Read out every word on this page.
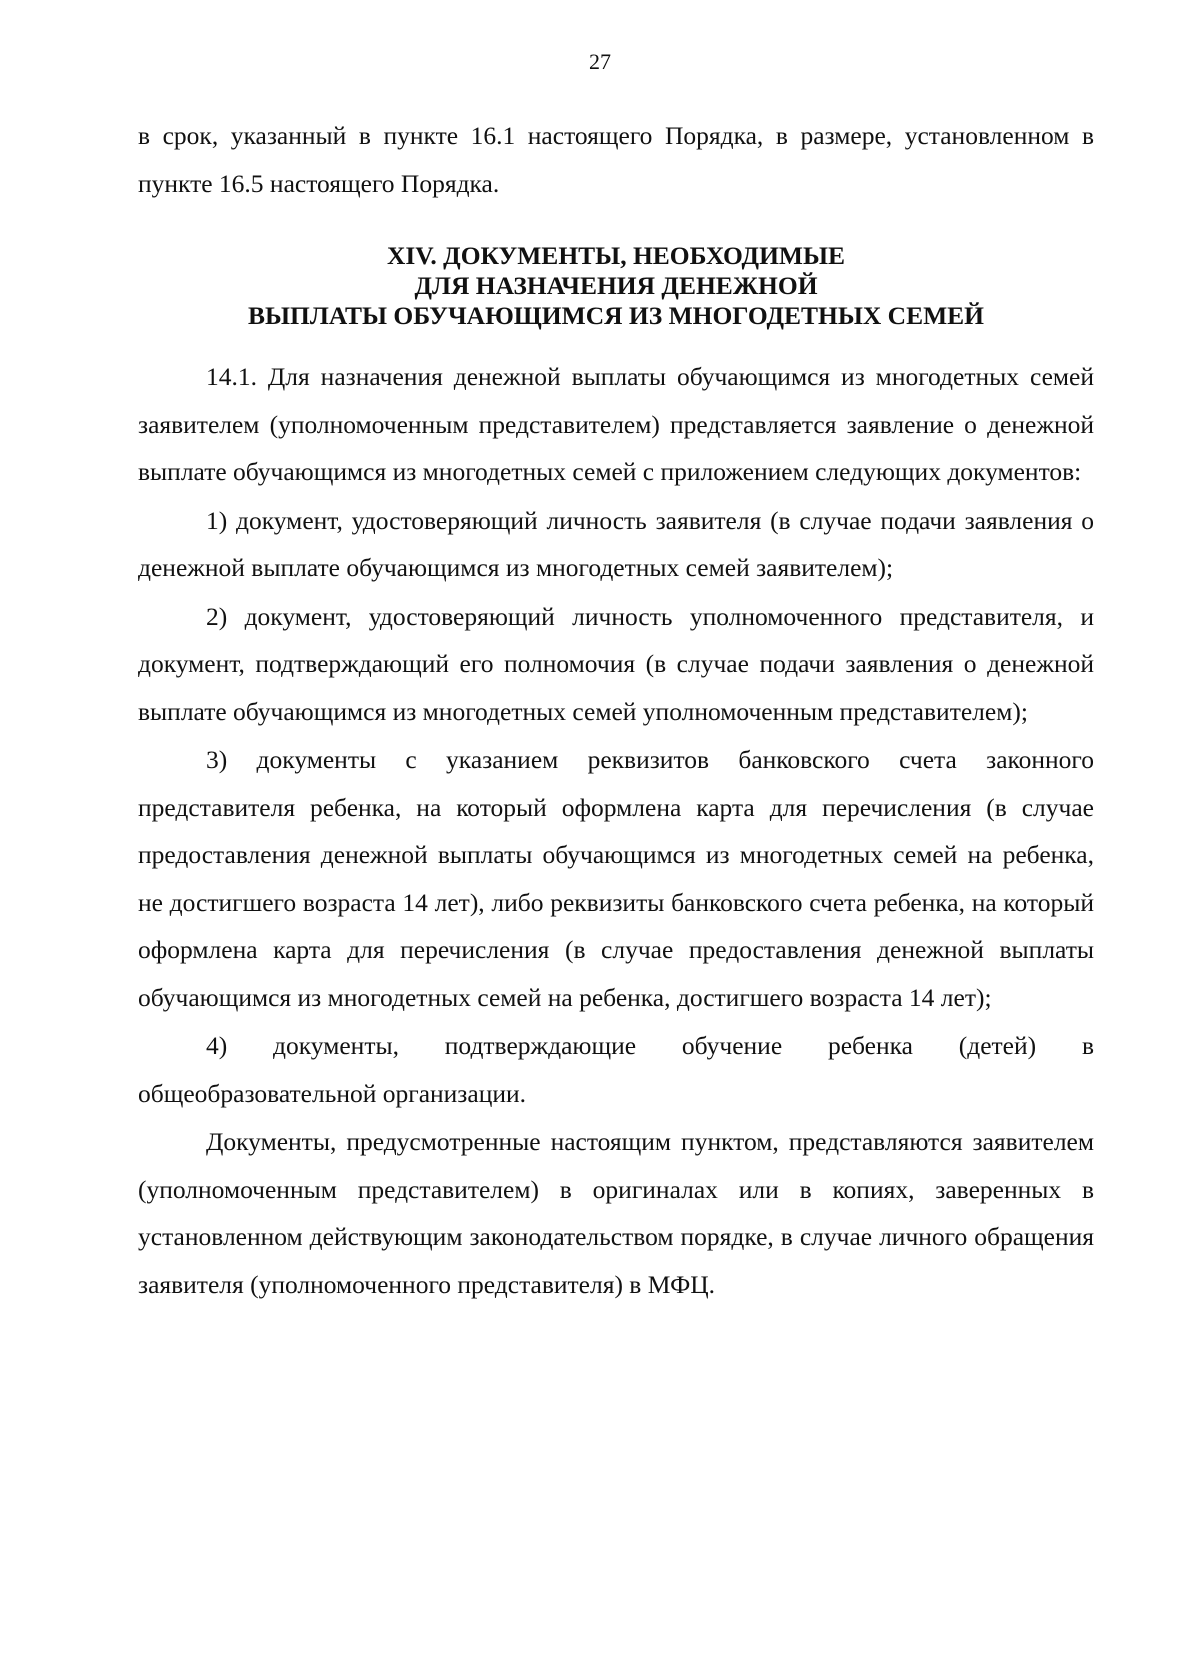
27

в срок, указанный в пункте 16.1 настоящего Порядка, в размере, установленном в пункте 16.5 настоящего Порядка.

XIV. ДОКУМЕНТЫ, НЕОБХОДИМЫЕ
ДЛЯ НАЗНАЧЕНИЯ ДЕНЕЖНОЙ
ВЫПЛАТЫ ОБУЧАЮЩИМСЯ ИЗ МНОГОДЕТНЫХ СЕМЕЙ

14.1. Для назначения денежной выплаты обучающимся из многодетных семей заявителем (уполномоченным представителем) представляется заявление о денежной выплате обучающимся из многодетных семей с приложением следующих документов:

1) документ, удостоверяющий личность заявителя (в случае подачи заявления о денежной выплате обучающимся из многодетных семей заявителем);

2) документ, удостоверяющий личность уполномоченного представителя, и документ, подтверждающий его полномочия (в случае подачи заявления о денежной выплате обучающимся из многодетных семей уполномоченным представителем);

3) документы с указанием реквизитов банковского счета законного представителя ребенка, на который оформлена карта для перечисления (в случае предоставления денежной выплаты обучающимся из многодетных семей на ребенка, не достигшего возраста 14 лет), либо реквизиты банковского счета ребенка, на который оформлена карта для перечисления (в случае предоставления денежной выплаты обучающимся из многодетных семей на ребенка, достигшего возраста 14 лет);

4) документы, подтверждающие обучение ребенка (детей) в общеобразовательной организации.

Документы, предусмотренные настоящим пунктом, представляются заявителем (уполномоченным представителем) в оригиналах или в копиях, заверенных в установленном действующим законодательством порядке, в случае личного обращения заявителя (уполномоченного представителя) в МФЦ.
